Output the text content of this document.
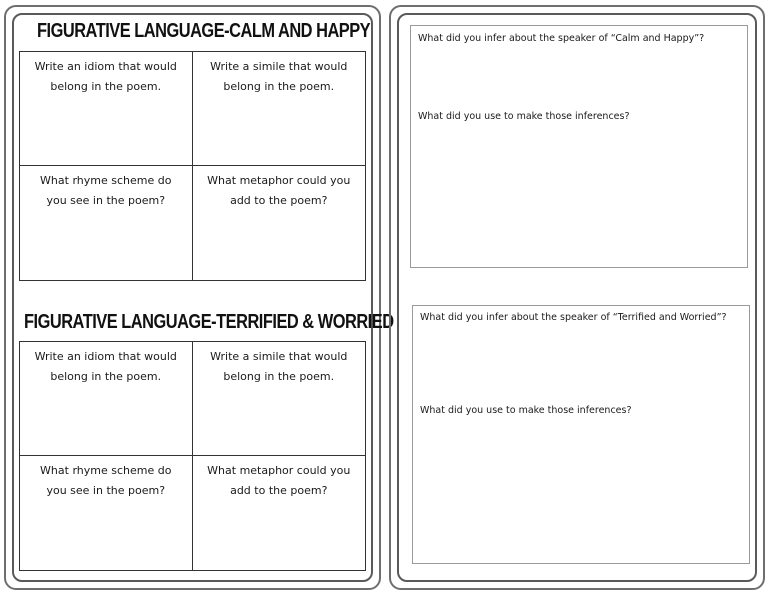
FIGURATIVE LANGUAGE-CALM AND HAPPY
Write an idiom that would belong in the poem.
Write a simile that would belong in the poem.
What rhyme scheme do you see in the poem?
What metaphor could you add to the poem?
FIGURATIVE LANGUAGE-TERRIFIED & WORRIED
Write an idiom that would belong in the poem.
Write a simile that would belong in the poem.
What rhyme scheme do you see in the poem?
What metaphor could you add to the poem?
What did you infer about the speaker of “Calm and Happy”?
What did you use to make those inferences?
What did you infer about the speaker of “Terrified and Worried”?
What did you use to make those inferences?
